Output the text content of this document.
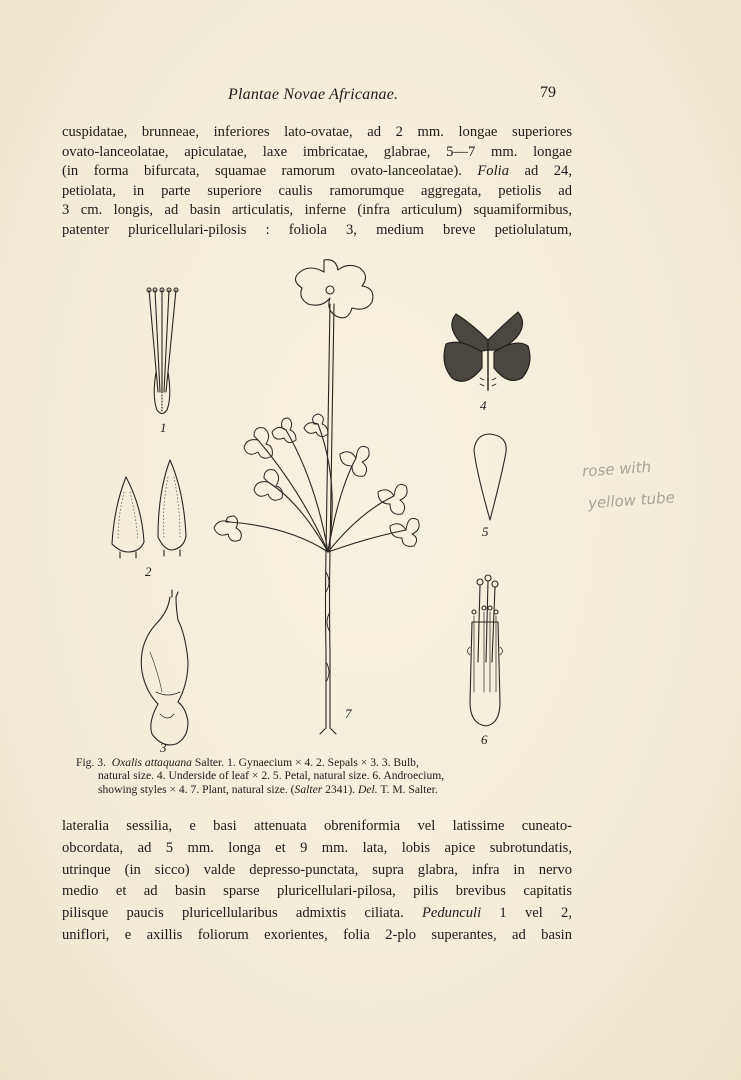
Plantae Novae Africanae.	79
cuspidatae, brunneae, inferiores lato-ovatae, ad 2 mm. longae superiores
ovato-lanceolatae, apiculatae, laxe imbricatae, glabrae, 5—7 mm. longae
(in forma bifurcata, squamae ramorum ovato-lanceolatae). Folia ad 24,
petiolata, in parte superiore caulis ramorumque aggregata, petiolis ad
3 cm. longis, ad basin articulatis, inferne (infra articulum) squamiformibus,
patenter pluricellulari-pilosis : foliola 3, medium breve petiolulatum,
1
2
3
4
5
6
7
rose with
yellow tube
Fig. 3. Oxalis attaquana Salter. 1. Gynaecium × 4. 2. Sepals × 3. 3. Bulb,
natural size. 4. Underside of leaf × 2. 5. Petal, natural size. 6. Androecium,
showing styles × 4. 7. Plant, natural size. (Salter 2341). Del. T. M. Salter.
lateralia sessilia, e basi attenuata obreniformia vel latissime cuneato-
obcordata, ad 5 mm. longa et 9 mm. lata, lobis apice subrotundatis,
utrinque (in sicco) valde depresso-punctata, supra glabra, infra in nervo
medio et ad basin sparse pluricellulari-pilosa, pilis brevibus capitatis
pilisque paucis pluricellularibus admixtis ciliata. Pedunculi 1 vel 2,
uniflori, e axillis foliorum exorientes, folia 2-plo superantes, ad basin
